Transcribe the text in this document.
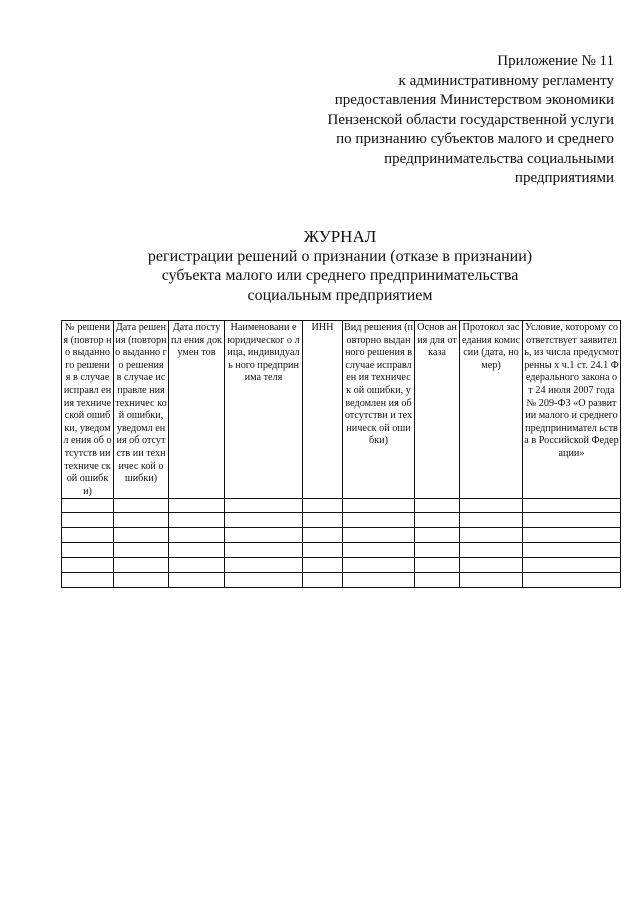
Приложение № 11
к административному регламенту
предоставления Министерством экономики
Пензенской области государственной услуги
по признанию субъектов малого и среднего
предпринимательства социальными
предприятиями
ЖУРНАЛ
регистрации решений о признании (отказе в признании)
субъекта малого или среднего предпринимательства
социальным предприятием
№ решения (повтор но выданно го решения в случае исправл ения техниче ской ошибки, уведомл ения об отсутств ии техниче ской ошибки)	Дата решения (повторн о выданно го решения в случае исправле ния техничес кой ошибки, уведомл ения об отсутств ии техничес кой ошибки)	Дата поступл ения докумен тов	Наименовани е юридическог о лица, индивидуаль ного предпринима теля	ИНН	Вид решения (повторно выданного решения в случае исправлен ия техническ ой ошибки, уведомлен ия об отсутстви и техническ ой ошибки)	Основ ания для отказа	Протокол заседания комиссии (дата, номер)	Условие, которому соответствует заявитель, из числа предусмотренны х ч.1 ст. 24.1 Федерального закона от 24 июля 2007 года № 209-ФЗ «О развитии малого и среднего предпринимател ьства в Российской Федерации»
